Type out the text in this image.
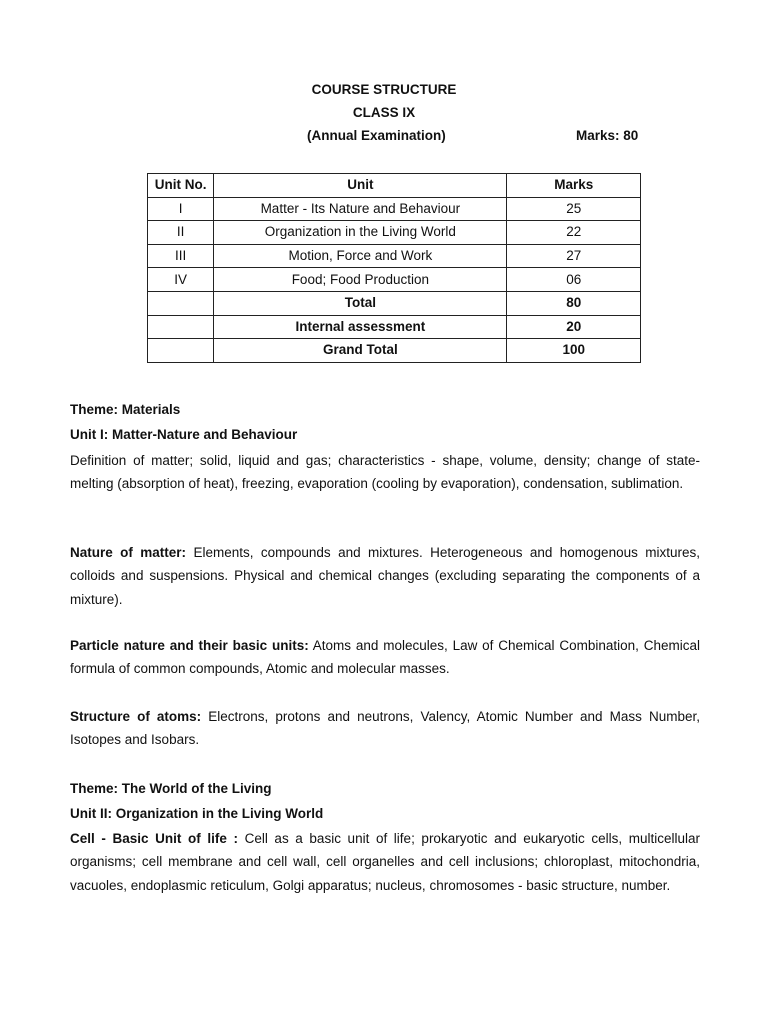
COURSE STRUCTURE
CLASS IX
(Annual Examination)	Marks: 80
Unit No.	Unit	Marks
I	Matter - Its Nature and Behaviour	25
II	Organization in the Living World	22
III	Motion, Force and Work	27
IV	Food; Food Production	06
	Total	80
	Internal assessment	20
	Grand Total	100
Theme: Materials
Unit I: Matter-Nature and Behaviour
Definition of matter; solid, liquid and gas; characteristics - shape, volume, density; change of state-melting (absorption of heat), freezing, evaporation (cooling by evaporation), condensation, sublimation.
Nature of matter: Elements, compounds and mixtures. Heterogeneous and homogenous mixtures, colloids and suspensions. Physical and chemical changes (excluding separating the components of a mixture).
Particle nature and their basic units: Atoms and molecules, Law of Chemical Combination, Chemical formula of common compounds, Atomic and molecular masses.
Structure of atoms: Electrons, protons and neutrons, Valency, Atomic Number and Mass Number, Isotopes and Isobars.
Theme: The World of the Living
Unit II: Organization in the Living World
Cell - Basic Unit of life : Cell as a basic unit of life; prokaryotic and eukaryotic cells, multicellular organisms; cell membrane and cell wall, cell organelles and cell inclusions; chloroplast, mitochondria, vacuoles, endoplasmic reticulum, Golgi apparatus; nucleus, chromosomes - basic structure, number.
